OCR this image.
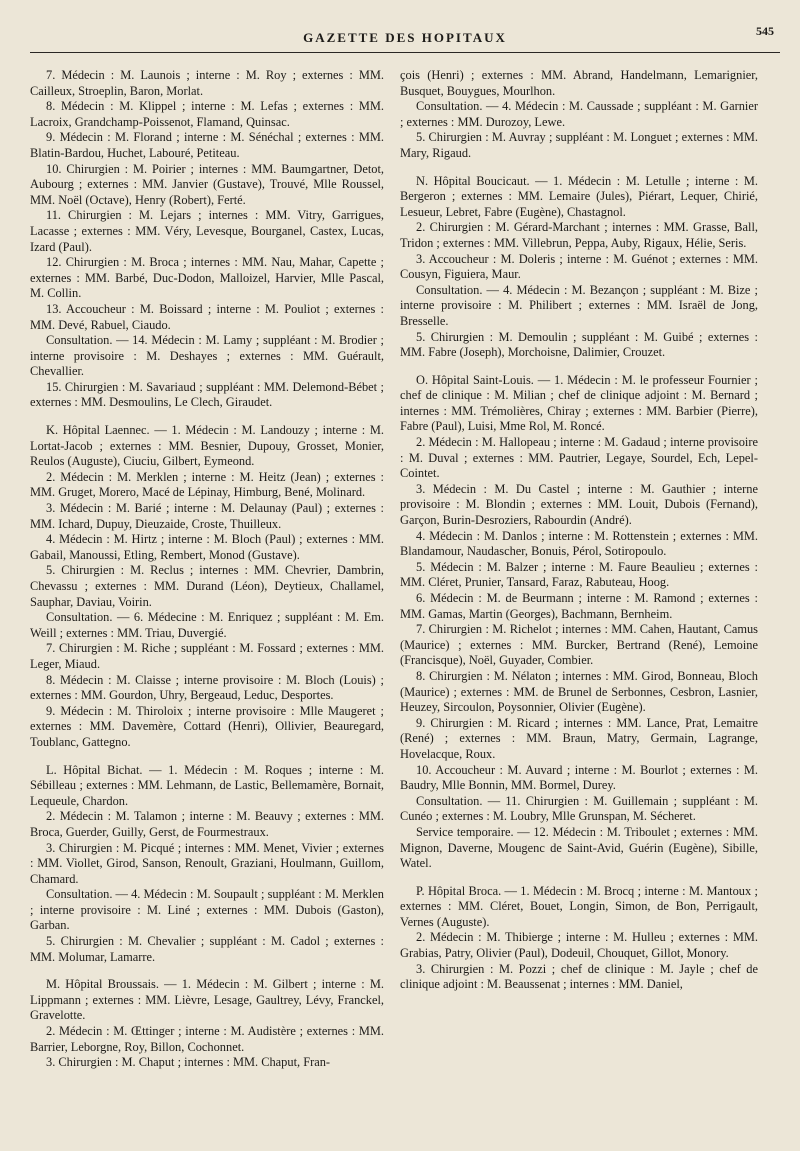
GAZETTE DES HOPITAUX	545

7. Médecin : M. Launois ; interne : M. Roy ; externes : MM. Cailleux, Stroeplin, Baron, Morlat.

8. Médecin : M. Klippel ; interne : M. Lefas ; externes : MM. Lacroix, Grandchamp-Poissenot, Flamand, Quinsac.

9. Médecin : M. Florand ; interne : M. Sénéchal ; externes : MM. Blatin-Bardou, Huchet, Labouré, Petiteau.

10. Chirurgien : M. Poirier ; internes : MM. Baumgartner, Detot, Aubourg ; externes : MM. Janvier (Gustave), Trouvé, Mlle Roussel, MM. Noël (Octave), Henry (Robert), Ferté.

11. Chirurgien : M. Lejars ; internes : MM. Vitry, Garrigues, Lacasse ; externes : MM. Véry, Levesque, Bourganel, Castex, Lucas, Izard (Paul).

12. Chirurgien : M. Broca ; internes : MM. Nau, Mahar, Capette ; externes : MM. Barbé, Duc-Dodon, Malloizel, Harvier, Mlle Pascal, M. Collin.

13. Accoucheur : M. Boissard ; interne : M. Pouliot ; externes : MM. Devé, Rabuel, Ciaudo.

Consultation. — 14. Médecin : M. Lamy ; suppléant : M. Brodier ; interne provisoire : M. Deshayes ; externes : MM. Guérault, Chevallier.

15. Chirurgien : M. Savariaud ; suppléant : MM. Delemond-Bébet ; externes : MM. Desmoulins, Le Clech, Giraudet.

K. Hôpital Laennec. — 1. Médecin : M. Landouzy ; interne : M. Lortat-Jacob ; externes : MM. Besnier, Dupouy, Grosset, Monier, Reulos (Auguste), Ciuciu, Gilbert, Eymeond.

2. Médecin : M. Merklen ; interne : M. Heitz (Jean) ; externes : MM. Gruget, Morero, Macé de Lépinay, Himburg, Bené, Molinard.

3. Médecin : M. Barié ; interne : M. Delaunay (Paul) ; externes : MM. Ichard, Dupuy, Dieuzaide, Croste, Thuilleux.

4. Médecin : M. Hirtz ; interne : M. Bloch (Paul) ; externes : MM. Gabail, Manoussi, Etling, Rembert, Monod (Gustave).

5. Chirurgien : M. Reclus ; internes : MM. Chevrier, Dambrin, Chevassu ; externes : MM. Durand (Léon), Deytieux, Challamel, Sauphar, Daviau, Voirin.

Consultation. — 6. Médecine : M. Enriquez ; suppléant : M. Em. Weill ; externes : MM. Triau, Duvergié.

7. Chirurgien : M. Riche ; suppléant : M. Fossard ; externes : MM. Leger, Miaud.

8. Médecin : M. Claisse ; interne provisoire : M. Bloch (Louis) ; externes : MM. Gourdon, Uhry, Bergeaud, Leduc, Desportes.

9. Médecin : M. Thiroloix ; interne provisoire : Mlle Maugeret ; externes : MM. Davemère, Cottard (Henri), Ollivier, Beauregard, Toublanc, Gattegno.

L. Hôpital Bichat. — 1. Médecin : M. Roques ; interne : M. Sébilleau ; externes : MM. Lehmann, de Lastic, Bellemamère, Bornait, Lequeule, Chardon.

2. Médecin : M. Talamon ; interne : M. Beauvy ; externes : MM. Broca, Guerder, Guilly, Gerst, de Fourmestraux.

3. Chirurgien : M. Picqué ; internes : MM. Menet, Vivier ; externes : MM. Viollet, Girod, Sanson, Renoult, Graziani, Houlmann, Guillom, Chamard.

Consultation. — 4. Médecin : M. Soupault ; suppléant : M. Merklen ; interne provisoire : M. Liné ; externes : MM. Dubois (Gaston), Garban.

5. Chirurgien : M. Chevalier ; suppléant : M. Cadol ; externes : MM. Molumar, Lamarre.

M. Hôpital Broussais. — 1. Médecin : M. Gilbert ; interne : M. Lippmann ; externes : MM. Lièvre, Lesage, Gaultrey, Lévy, Franckel, Gravelotte.

2. Médecin : M. Œttinger ; interne : M. Audistère ; externes : MM. Barrier, Leborgne, Roy, Billon, Cochonnet.

3. Chirurgien : M. Chaput ; internes : MM. Chaput, Fran-

çois (Henri) ; externes : MM. Abrand, Handelmann, Lemarignier, Busquet, Bouygues, Mourlhon.

Consultation. — 4. Médecin : M. Caussade ; suppléant : M. Garnier ; externes : MM. Durozoy, Lewe.

5. Chirurgien : M. Auvray ; suppléant : M. Longuet ; externes : MM. Mary, Rigaud.

N. Hôpital Boucicaut. — 1. Médecin : M. Letulle ; interne : M. Bergeron ; externes : MM. Lemaire (Jules), Piérart, Lequer, Chirié, Lesueur, Lebret, Fabre (Eugène), Chastagnol.

2. Chirurgien : M. Gérard-Marchant ; internes : MM. Grasse, Ball, Tridon ; externes : MM. Villebrun, Peppa, Auby, Rigaux, Hélie, Seris.

3. Accoucheur : M. Doleris ; interne : M. Guénot ; externes : MM. Cousyn, Figuiera, Maur.

Consultation. — 4. Médecin : M. Bezançon ; suppléant : M. Bize ; interne provisoire : M. Philibert ; externes : MM. Israël de Jong, Bresselle.

5. Chirurgien : M. Demoulin ; suppléant : M. Guibé ; externes : MM. Fabre (Joseph), Morchoisne, Dalimier, Crouzet.

O. Hôpital Saint-Louis. — 1. Médecin : M. le professeur Fournier ; chef de clinique : M. Milian ; chef de clinique adjoint : M. Bernard ; internes : MM. Trémolières, Chiray ; externes : MM. Barbier (Pierre), Fabre (Paul), Luisi, Mme Rol, M. Roncé.

2. Médecin : M. Hallopeau ; interne : M. Gadaud ; interne provisoire : M. Duval ; externes : MM. Pautrier, Legaye, Sourdel, Ech, Lepel-Cointet.

3. Médecin : M. Du Castel ; interne : M. Gauthier ; interne provisoire : M. Blondin ; externes : MM. Louit, Dubois (Fernand), Garçon, Burin-Desroziers, Rabourdin (André).

4. Médecin : M. Danlos ; interne : M. Rottenstein ; externes : MM. Blandamour, Naudascher, Bonuis, Pérol, Sotiropoulo.

5. Médecin : M. Balzer ; interne : M. Faure Beaulieu ; externes : MM. Cléret, Prunier, Tansard, Faraz, Rabuteau, Hoog.

6. Médecin : M. de Beurmann ; interne : M. Ramond ; externes : MM. Gamas, Martin (Georges), Bachmann, Bernheim.

7. Chirurgien : M. Richelot ; internes : MM. Cahen, Hautant, Camus (Maurice) ; externes : MM. Burcker, Bertrand (René), Lemoine (Francisque), Noël, Guyader, Combier.

8. Chirurgien : M. Nélaton ; internes : MM. Girod, Bonneau, Bloch (Maurice) ; externes : MM. de Brunel de Serbonnes, Cesbron, Lasnier, Heuzey, Sircoulon, Poysonnier, Olivier (Eugène).

9. Chirurgien : M. Ricard ; internes : MM. Lance, Prat, Lemaitre (René) ; externes : MM. Braun, Matry, Germain, Lagrange, Hovelacque, Roux.

10. Accoucheur : M. Auvard ; interne : M. Bourlot ; externes : M. Baudry, Mlle Bonnin, MM. Bormel, Durey.

Consultation. — 11. Chirurgien : M. Guillemain ; suppléant : M. Cunéo ; externes : M. Loubry, Mlle Grunspan, M. Sécheret.

Service temporaire. — 12. Médecin : M. Triboulet ; externes : MM. Mignon, Daverne, Mougenc de Saint-Avid, Guérin (Eugène), Sibille, Watel.

P. Hôpital Broca. — 1. Médecin : M. Brocq ; interne : M. Mantoux ; externes : MM. Cléret, Bouet, Longin, Simon, de Bon, Perrigault, Vernes (Auguste).

2. Médecin : M. Thibierge ; interne : M. Hulleu ; externes : MM. Grabias, Patry, Olivier (Paul), Dodeuil, Chouquet, Gillot, Monory.

3. Chirurgien : M. Pozzi ; chef de clinique : M. Jayle ; chef de clinique adjoint : M. Beaussenat ; internes : MM. Daniel,
